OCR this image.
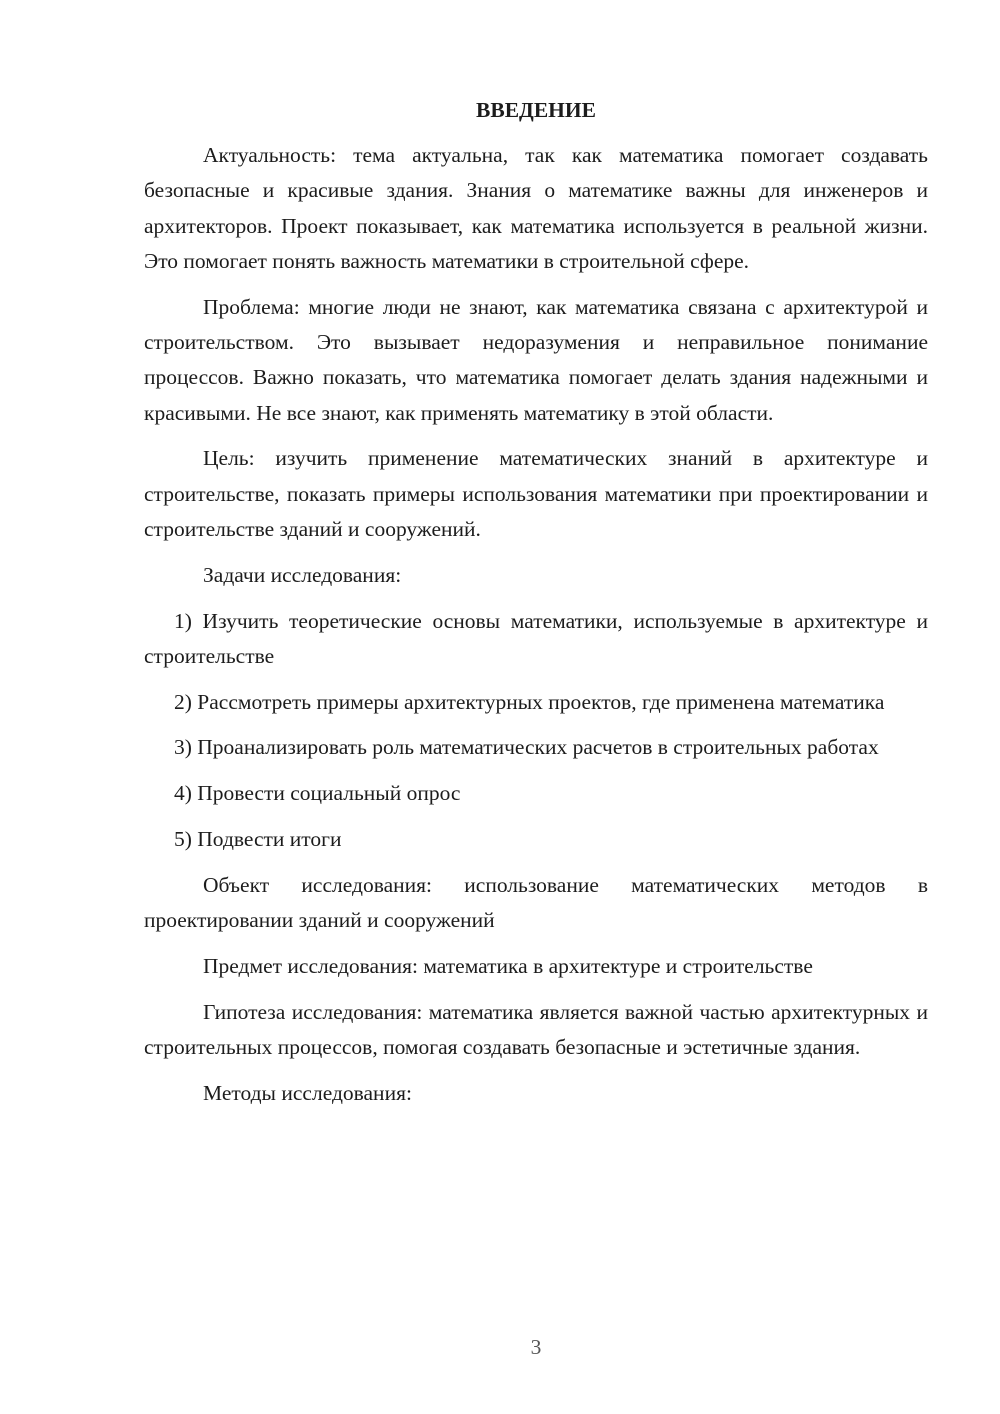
ВВЕДЕНИЕ

Актуальность: тема актуальна, так как математика помогает создавать безопасные и красивые здания. Знания о математике важны для инженеров и архитекторов. Проект показывает, как математика используется в реальной жизни. Это помогает понять важность математики в строительной сфере.

Проблема: многие люди не знают, как математика связана с архитектурой и строительством. Это вызывает недоразумения и неправильное понимание процессов. Важно показать, что математика помогает делать здания надежными и красивыми. Не все знают, как применять математику в этой области.

Цель: изучить применение математических знаний в архитектуре и строительстве, показать примеры использования математики при проектировании и строительстве зданий и сооружений.

Задачи исследования:

1) Изучить теоретические основы математики, используемые в архитектуре и строительстве

2) Рассмотреть примеры архитектурных проектов, где применена математика

3) Проанализировать роль математических расчетов в строительных работах

4) Провести социальный опрос

5) Подвести итоги

Объект исследования: использование математических методов в проектировании зданий и сооружений

Предмет исследования: математика в архитектуре и строительстве

Гипотеза исследования: математика является важной частью архитектурных и строительных процессов, помогая создавать безопасные и эстетичные здания.

Методы исследования:

3
